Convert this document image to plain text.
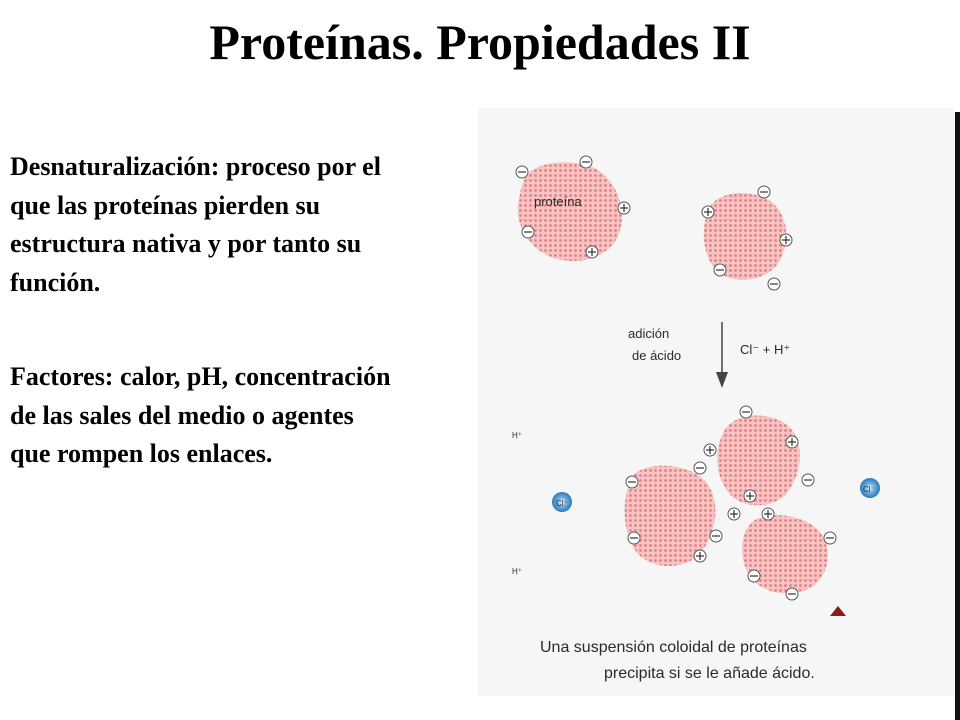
Proteínas. Propiedades II

Desnaturalización: proceso por el
que las proteínas pierden su
estructura nativa y por tanto su
función.

Factores: calor, pH, concentración
de las sales del medio o agentes
que rompen los enlaces.

proteína
adición
de ácido	Cl⁻ + H⁺
Cl⁻
Cl⁻
H⁺
H⁺
Una suspensión coloidal de proteínas
precipita si se le añade ácido.
